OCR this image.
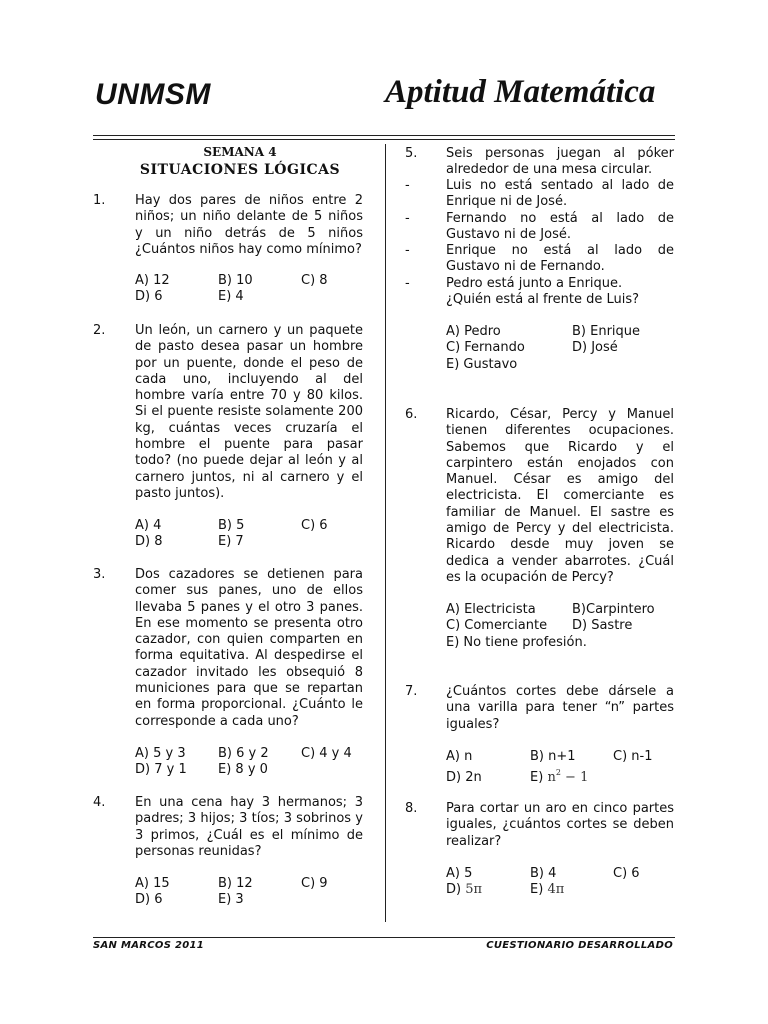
UNMSM	Aptitud Matemática
SEMANA 4
SITUACIONES LÓGICAS
1. Hay dos pares de niños entre 2 niños; un niño delante de 5 niños y un niño detrás de 5 niños ¿Cuántos niños hay como mínimo?
A) 12	B) 10	C) 8
D) 6	E) 4
2. Un león, un carnero y un paquete de pasto desea pasar un hombre por un puente, donde el peso de cada uno, incluyendo al del hombre varía entre 70 y 80 kilos. Si el puente resiste solamente 200 kg, cuántas veces cruzaría el hombre el puente para pasar todo? (no puede dejar al león y al carnero juntos, ni al carnero y el pasto juntos).
A) 4	B) 5	C) 6
D) 8	E) 7
3. Dos cazadores se detienen para comer sus panes, uno de ellos llevaba 5 panes y el otro 3 panes. En ese momento se presenta otro cazador, con quien comparten en forma equitativa. Al despedirse el cazador invitado les obsequió 8 municiones para que se repartan en forma proporcional. ¿Cuánto le corresponde a cada uno?
A) 5 y 3 B) 6 y 2 C) 4 y 4
D) 7 y 1 E) 8 y 0
4. En una cena hay 3 hermanos; 3 padres; 3 hijos; 3 tíos; 3 sobrinos y 3 primos, ¿Cuál es el mínimo de personas reunidas?
A) 15	B) 12	C) 9
D) 6	E) 3
5. Seis personas juegan al póker alrededor de una mesa circular.
-	Luis no está sentado al lado de Enrique ni de José.
-	Fernando no está al lado de Gustavo ni de José.
-	Enrique no está al lado de Gustavo ni de Fernando.
-	Pedro está junto a Enrique.
¿Quién está al frente de Luis?
A) Pedro	B) Enrique
C) Fernando	D) José
E) Gustavo
6. Ricardo, César, Percy y Manuel tienen diferentes ocupaciones. Sabemos que Ricardo y el carpintero están enojados con Manuel. César es amigo del electricista. El comerciante es familiar de Manuel. El sastre es amigo de Percy y del electricista. Ricardo desde muy joven se dedica a vender abarrotes. ¿Cuál es la ocupación de Percy?
A) Electricista	B)Carpintero
C) Comerciante D) Sastre
E) No tiene profesión.
7. ¿Cuántos cortes debe dársele a una varilla para tener “n” partes iguales?
A) n	B) n+1	C) n-1
D) 2n	E) $n^2 - 1$
8. Para cortar un aro en cinco partes iguales, ¿cuántos cortes se deben realizar?
A) 5	B) 4	C) 6
D) 5π	E) 4π
SAN MARCOS 2011	CUESTIONARIO DESARROLLADO
